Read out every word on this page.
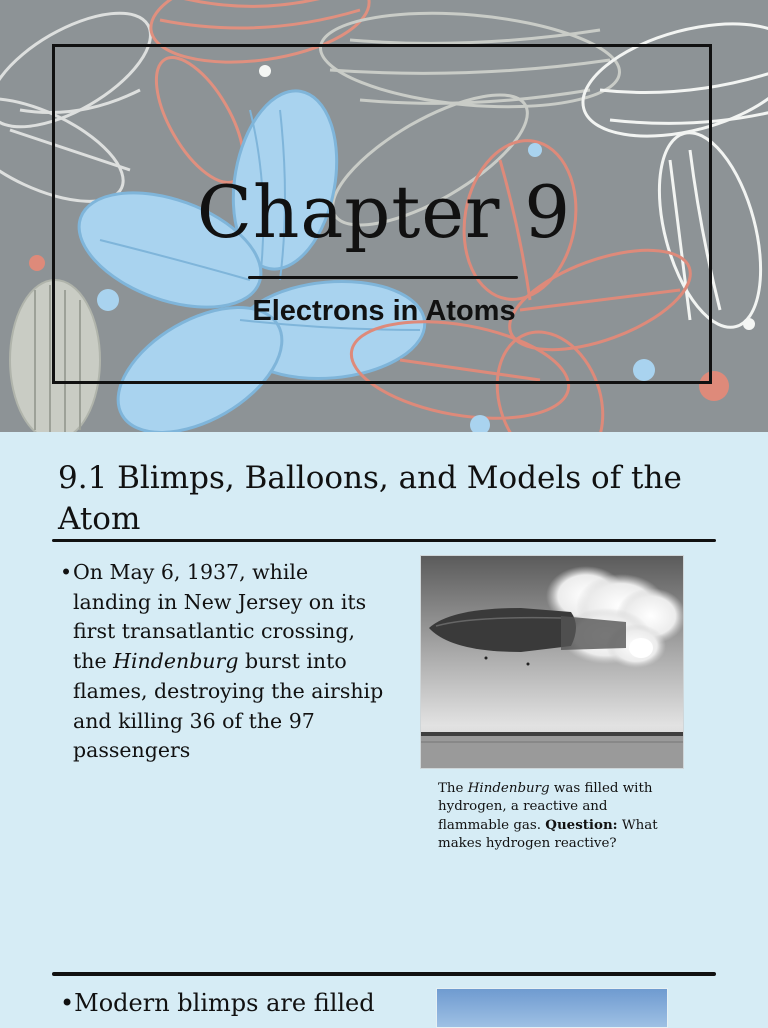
Chapter 9
Electrons in Atoms
9.1 Blimps, Balloons, and Models of the Atom
• On May 6, 1937, while landing in New Jersey on its first transatlantic crossing, the Hindenburg burst into flames, destroying the airship and killing 36 of the 97 passengers
The Hindenburg was filled with hydrogen, a reactive and flammable gas. Question: What makes hydrogen reactive?
•Modern blimps are filled
